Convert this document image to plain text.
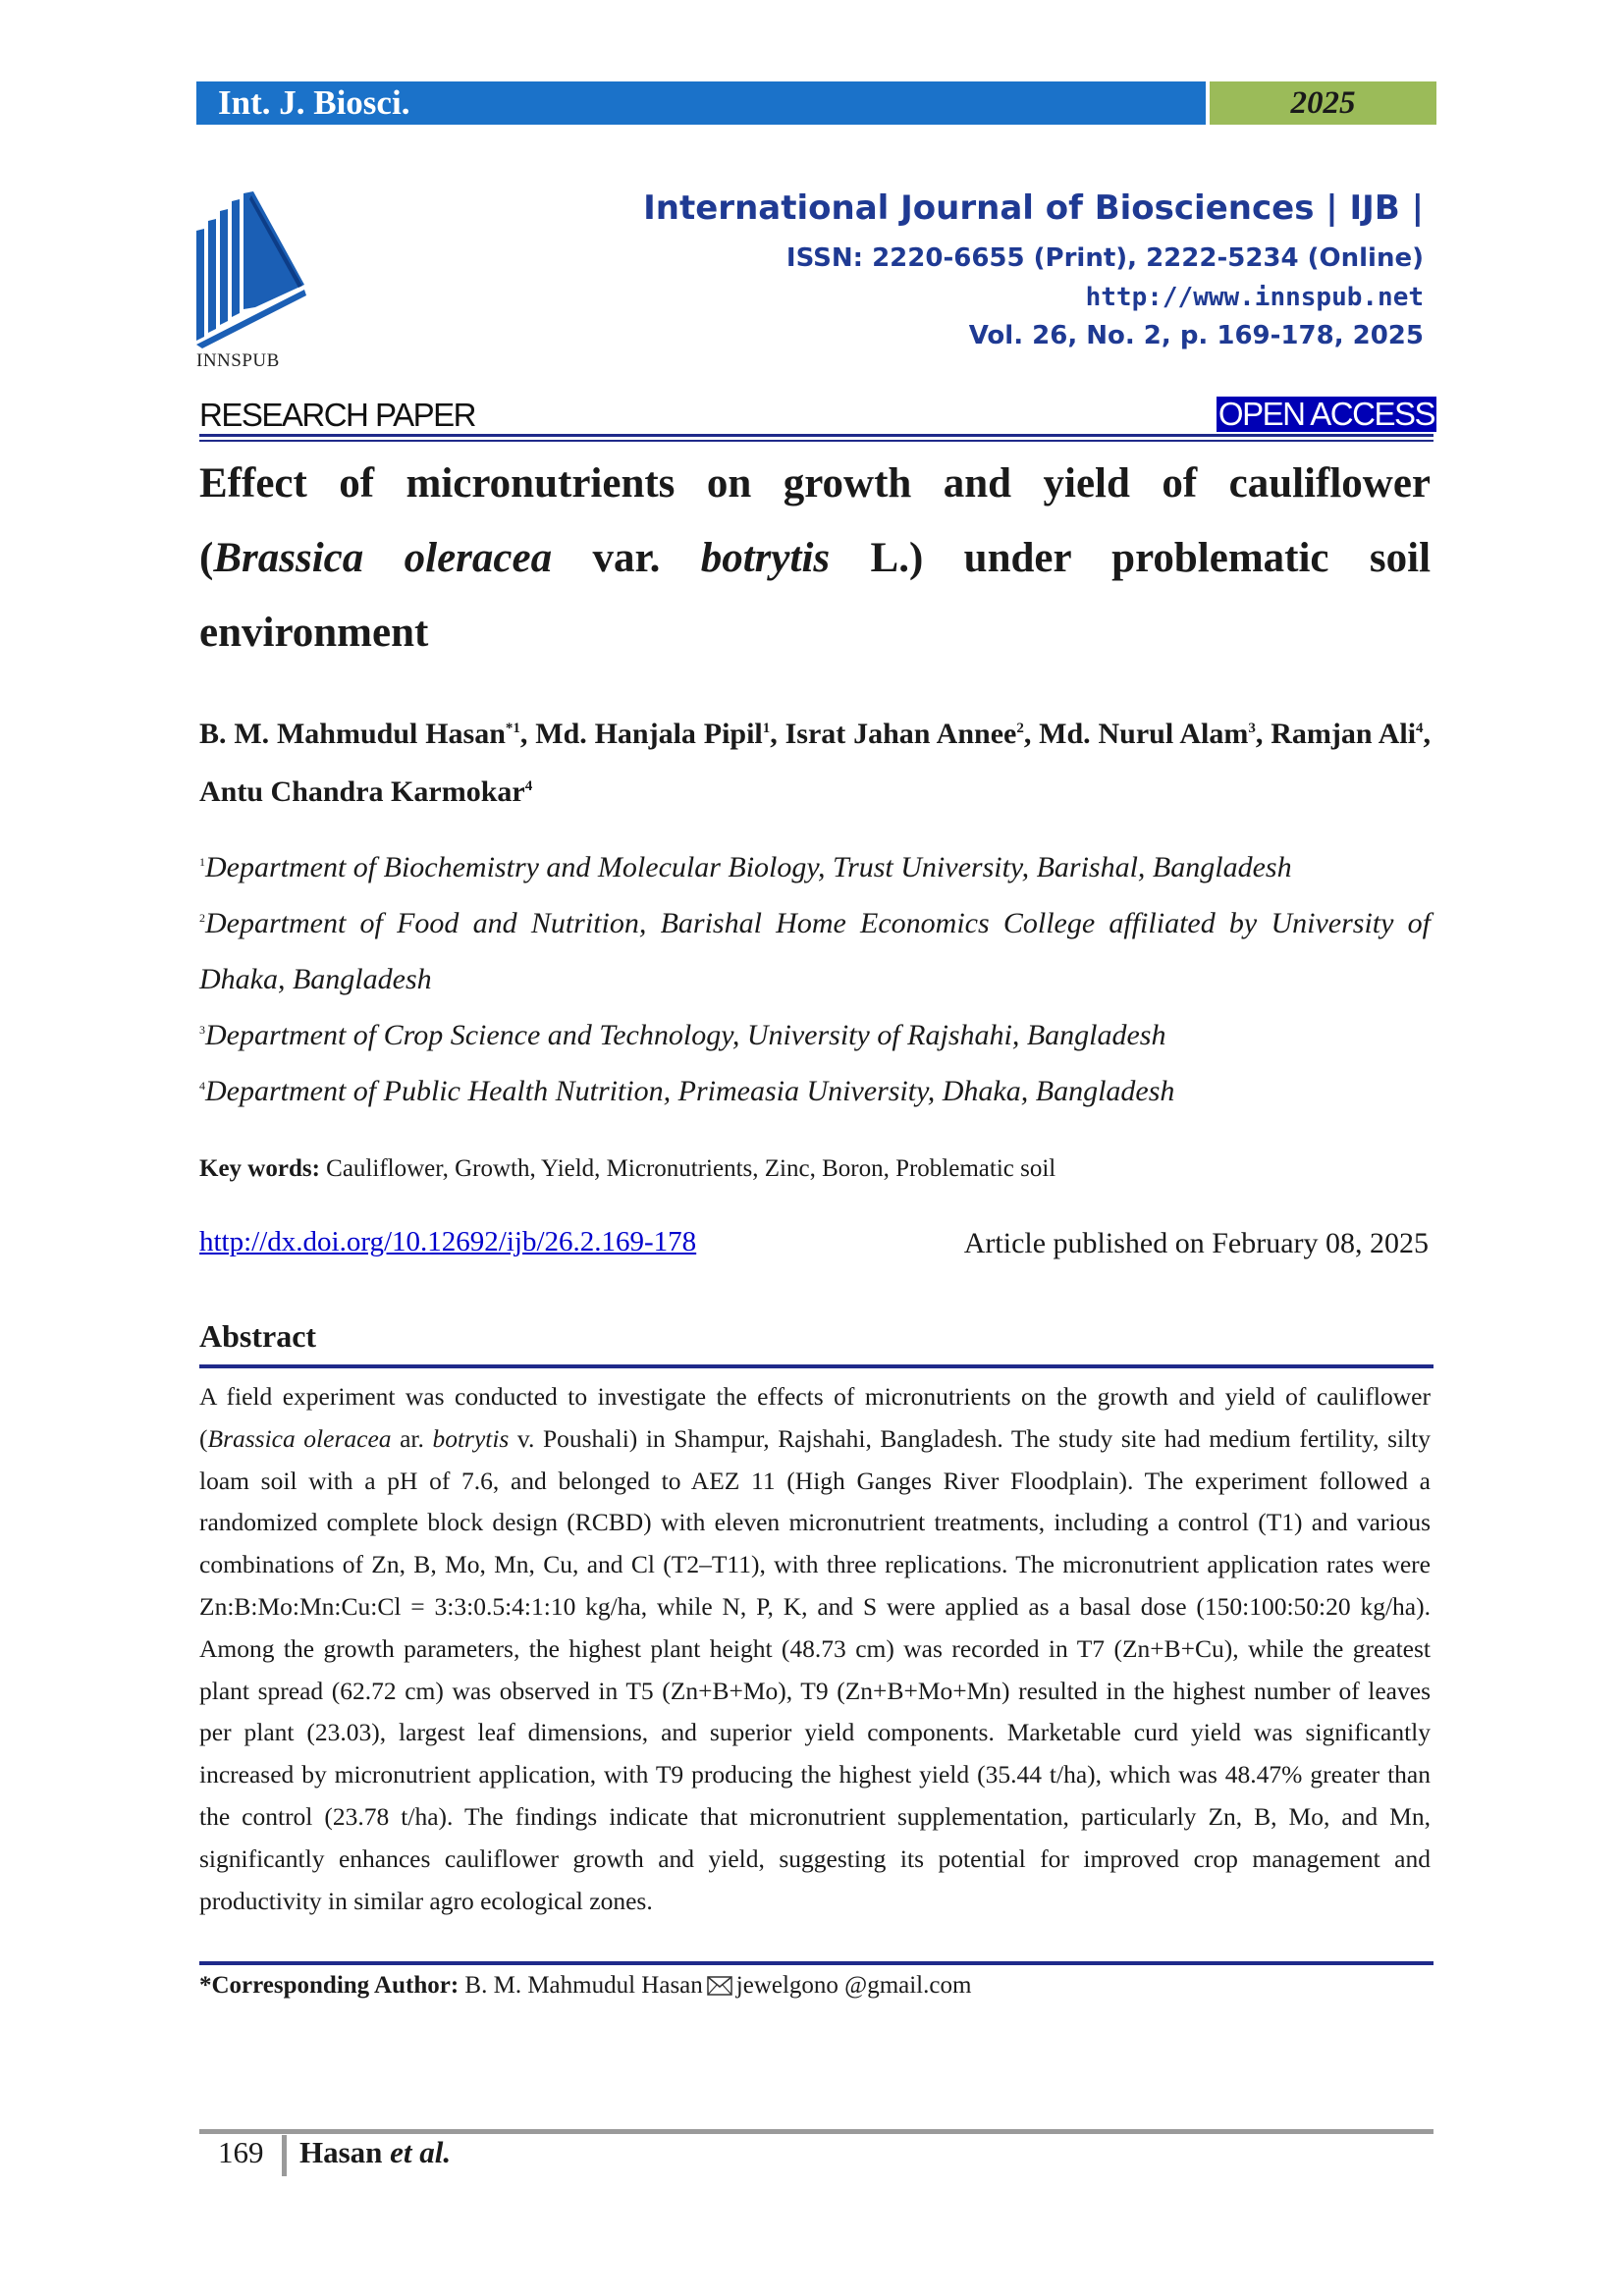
Int. J. Biosci.	2025
INNSPUB
International Journal of Biosciences | IJB |
ISSN: 2220-6655 (Print), 2222-5234 (Online)
http://www.innspub.net
Vol. 26, No. 2, p. 169-178, 2025
RESEARCH PAPER	OPEN ACCESS
Effect of micronutrients on growth and yield of cauliflower (Brassica oleracea var. botrytis L.) under problematic soil environment
B. M. Mahmudul Hasan$^{*1}$, Md. Hanjala Pipil$^1$, Israt Jahan Annee$^2$, Md. Nurul Alam$^3$, Ramjan Ali$^4$, Antu Chandra Karmokar$^4$
$^1$Department of Biochemistry and Molecular Biology, Trust University, Barishal, Bangladesh
$^2$Department of Food and Nutrition, Barishal Home Economics College affiliated by University of Dhaka, Bangladesh
$^3$Department of Crop Science and Technology, University of Rajshahi, Bangladesh
$^4$Department of Public Health Nutrition, Primeasia University, Dhaka, Bangladesh
Key words: Cauliflower, Growth, Yield, Micronutrients, Zinc, Boron, Problematic soil
http://dx.doi.org/10.12692/ijb/26.2.169-178	Article published on February 08, 2025
Abstract
A field experiment was conducted to investigate the effects of micronutrients on the growth and yield of cauliflower (Brassica oleracea ar. botrytis v. Poushali) in Shampur, Rajshahi, Bangladesh. The study site had medium fertility, silty loam soil with a pH of 7.6, and belonged to AEZ 11 (High Ganges River Floodplain). The experiment followed a randomized complete block design (RCBD) with eleven micronutrient treatments, including a control (T1) and various combinations of Zn, B, Mo, Mn, Cu, and Cl (T2–T11), with three replications. The micronutrient application rates were Zn:B:Mo:Mn:Cu:Cl = 3:3:0.5:4:1:10 kg/ha, while N, P, K, and S were applied as a basal dose (150:100:50:20 kg/ha). Among the growth parameters, the highest plant height (48.73 cm) was recorded in T7 (Zn+B+Cu), while the greatest plant spread (62.72 cm) was observed in T5 (Zn+B+Mo), T9 (Zn+B+Mo+Mn) resulted in the highest number of leaves per plant (23.03), largest leaf dimensions, and superior yield components. Marketable curd yield was significantly increased by micronutrient application, with T9 producing the highest yield (35.44 t/ha), which was 48.47% greater than the control (23.78 t/ha). The findings indicate that micronutrient supplementation, particularly Zn, B, Mo, and Mn, significantly enhances cauliflower growth and yield, suggesting its potential for improved crop management and productivity in similar agro ecological zones.
*Corresponding Author: B. M. Mahmudul Hasan jewelgono @gmail.com
169 Hasan et al.
